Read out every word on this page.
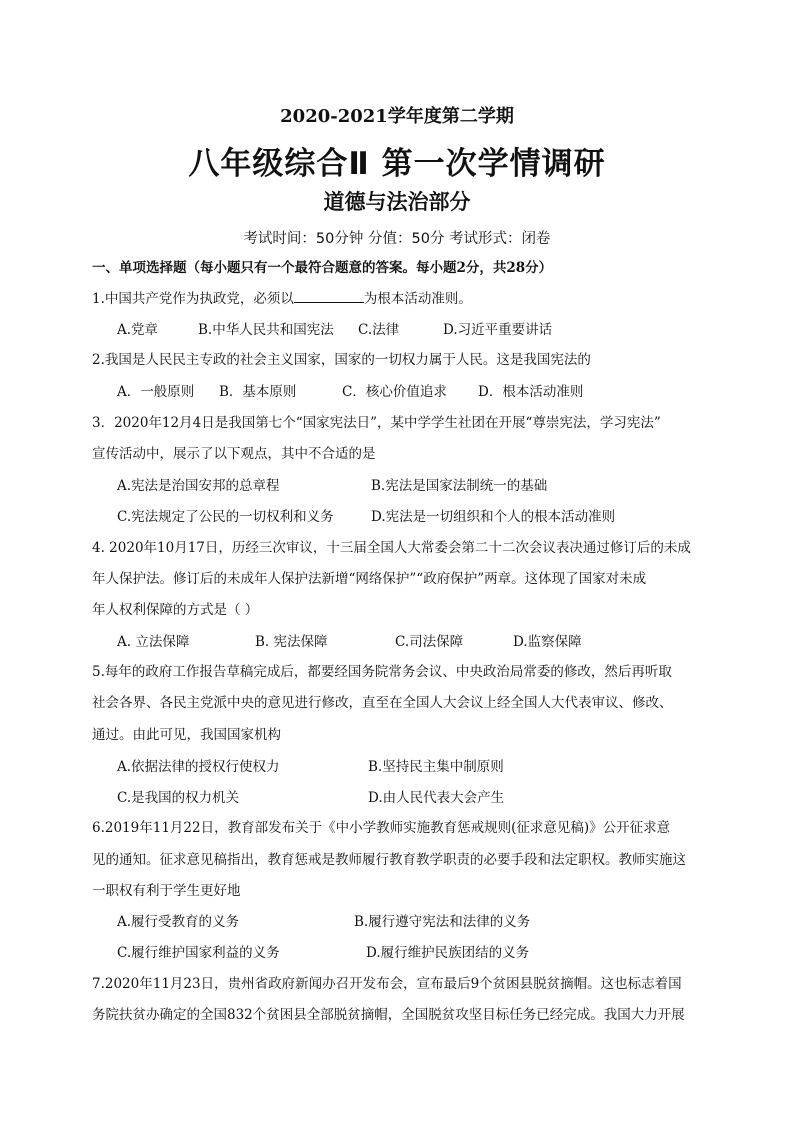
2020-2021学年度第二学期
八年级综合Ⅱ 第一次学情调研
道德与法治部分
考试时间：50分钟 分值：50分 考试形式：闭卷
一、单项选择题（每小题只有一个最符合题意的答案。每小题2分，共28分）
1.中国共产党作为执政党，必须以	为根本活动准则。
A.党章	B.中华人民共和国宪法 C.法律	D.习近平重要讲话
2.我国是人民民主专政的社会主义国家，国家的一切权力属于人民。这是我国宪法的
A．一般原则 B．基本原则	C．核心价值追求 D．根本活动准则
3．2020年12月4日是我国第七个“国家宪法日”，某中学学生社团在开展“尊崇宪法，学习宪法”
宣传活动中，展示了以下观点，其中不合适的是
A.宪法是治国安邦的总章程	B.宪法是国家法制统一的基础
C.宪法规定了公民的一切权利和义务	D.宪法是一切组织和个人的根本活动准则
4. 2020年10月17日，历经三次审议，十三届全国人大常委会第二十二次会议表决通过修订后的未成
年人保护法。修订后的未成年人保护法新增“网络保护”“政府保护”两章。这体现了国家对未成
年人权利保障的方式是（ ）
A. 立法保障	B. 宪法保障	C.司法保障	D.监察保障
5.每年的政府工作报告草稿完成后，都要经国务院常务会议、中央政治局常委的修改，然后再听取
社会各界、各民主党派中央的意见进行修改，直至在全国人大会议上经全国人大代表审议、修改、
通过。由此可见，我国国家机构
A.依据法律的授权行使权力	B.坚持民主集中制原则
C.是我国的权力机关	D.由人民代表大会产生
6.2019年11月22日，教育部发布关于《中小学教师实施教育惩戒规则(征求意见稿)》公开征求意
见的通知。征求意见稿指出，教育惩戒是教师履行教育教学职责的必要手段和法定职权。教师实施这
一职权有利于学生更好地
A.履行受教育的义务	B.履行遵守宪法和法律的义务
C.履行维护国家利益的义务	D.履行维护民族团结的义务
7.2020年11月23日，贵州省政府新闻办召开发布会，宣布最后9个贫困县脱贫摘帽。这也标志着国
务院扶贫办确定的全国832个贫困县全部脱贫摘帽，全国脱贫攻坚目标任务已经完成。我国大力开展
